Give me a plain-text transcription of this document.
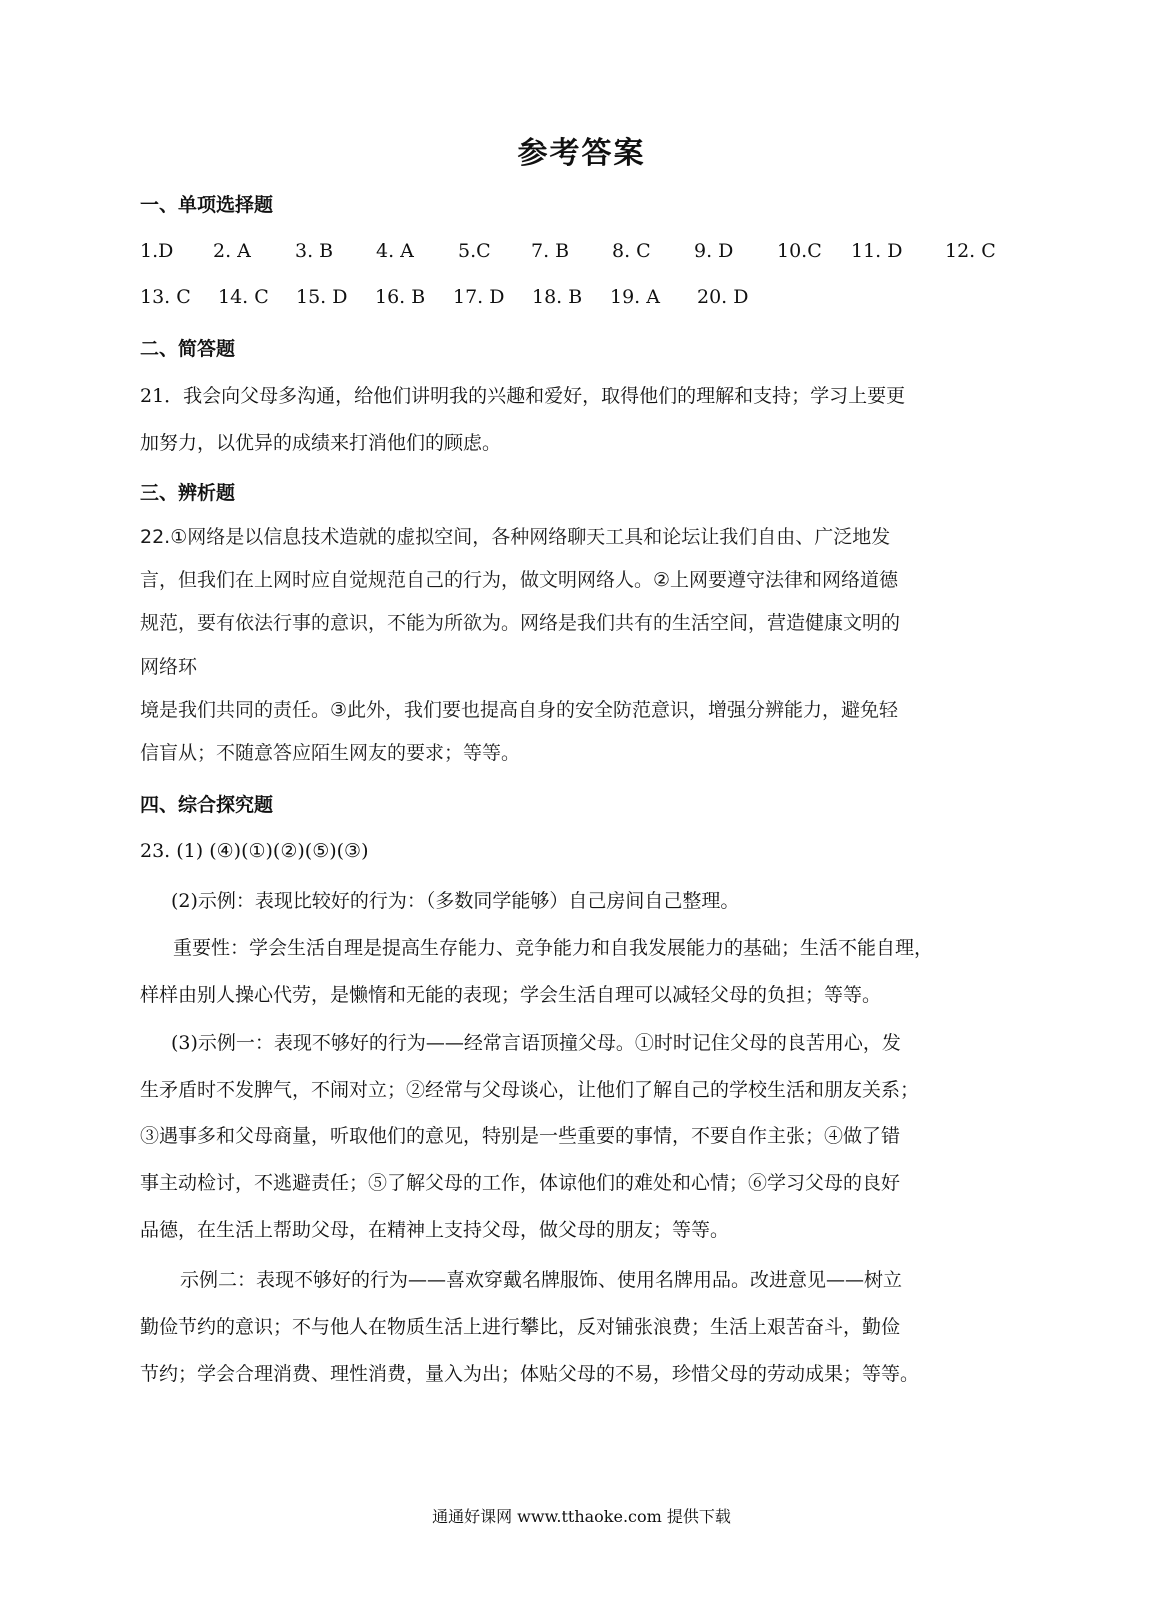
参考答案
一、单项选择题
1.D 2. A 3. B 4. A 5.C 7. B 8. C 9. D 10.C 11. D 12. C
13. C 14. C 15. D 16. B 17. D 18. B 19. A 20. D
二、简答题
21．我会向父母多沟通，给他们讲明我的兴趣和爱好，取得他们的理解和支持；学习上要更
加努力，以优异的成绩来打消他们的顾虑。
三、辨析题
22.①网络是以信息技术造就的虚拟空间，各种网络聊天工具和论坛让我们自由、广泛地发
言，但我们在上网时应自觉规范自己的行为，做文明网络人。②上网要遵守法律和网络道德
规范，要有依法行事的意识，不能为所欲为。网络是我们共有的生活空间，营造健康文明的
网络环
境是我们共同的责任。③此外，我们要也提高自身的安全防范意识，增强分辨能力，避免轻
信盲从；不随意答应陌生网友的要求；等等。
四、综合探究题
23. (1) (④)(①)(②)(⑤)(③)
(2)示例：表现比较好的行为：（多数同学能够）自己房间自己整理。
重要性：学会生活自理是提高生存能力、竞争能力和自我发展能力的基础；生活不能自理，
样样由别人操心代劳，是懒惰和无能的表现；学会生活自理可以减轻父母的负担；等等。
(3)示例一：表现不够好的行为——经常言语顶撞父母。①时时记住父母的良苦用心，发
生矛盾时不发脾气，不闹对立；②经常与父母谈心，让他们了解自己的学校生活和朋友关系；
③遇事多和父母商量，听取他们的意见，特别是一些重要的事情，不要自作主张；④做了错
事主动检讨，不逃避责任；⑤了解父母的工作，体谅他们的难处和心情；⑥学习父母的良好
品德，在生活上帮助父母，在精神上支持父母，做父母的朋友；等等。
示例二：表现不够好的行为——喜欢穿戴名牌服饰、使用名牌用品。改进意见——树立
勤俭节约的意识；不与他人在物质生活上进行攀比，反对铺张浪费；生活上艰苦奋斗，勤俭
节约；学会合理消费、理性消费，量入为出；体贴父母的不易，珍惜父母的劳动成果；等等。
通通好课网 www.tthaoke.com 提供下载
